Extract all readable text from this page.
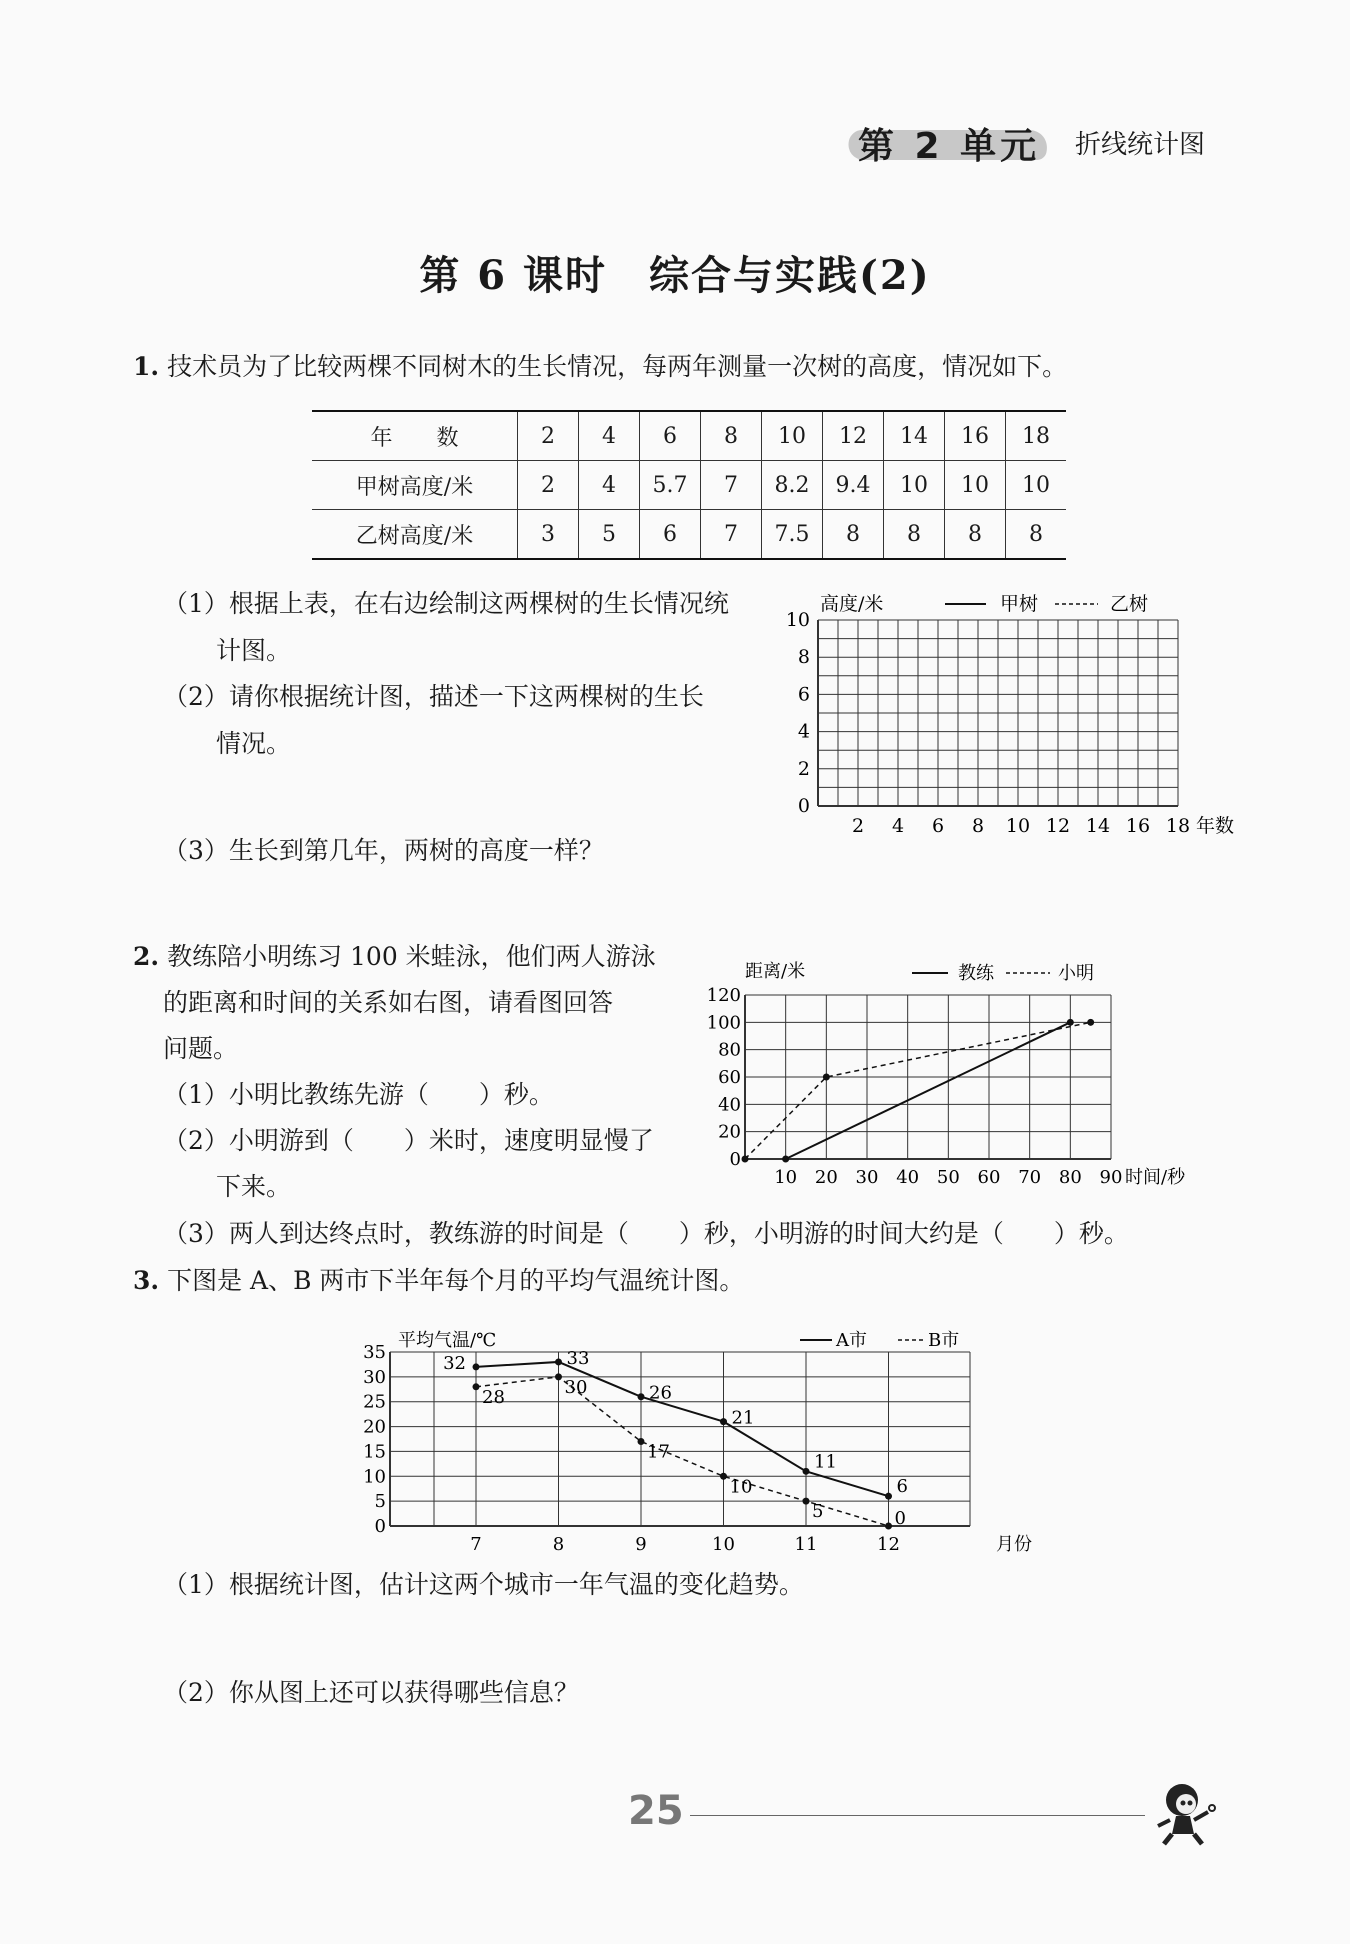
第 2 单元 折线统计图
第 6 课时　综合与实践(2)
1. 技术员为了比较两棵不同树木的生长情况，每两年测量一次树的高度，情况如下。
年　　数	2	4	6	8	10	12	14	16	18
甲树高度/米	2	4	5.7	7	8.2	9.4	10	10	10
乙树高度/米	3	5	6	7	7.5	8	8	8	8
（1）根据上表，在右边绘制这两棵树的生长情况统
计图。
（2）请你根据统计图，描述一下这两棵树的生长
情况。
（3）生长到第几年，两树的高度一样？
0
2
4
6
8
10
2 4 6 8 10 12 14 16 18 年数
高度/米	甲树	乙树
2. 教练陪小明练习 100 米蛙泳，他们两人游泳
的距离和时间的关系如右图，请看图回答
问题。
（1）小明比教练先游（　　）秒。
（2）小明游到（　　）米时，速度明显慢了
下来。
（3）两人到达终点时，教练游的时间是（　　）秒，小明游的时间大约是（　　）秒。
0
20
40
60
80
100
120
10 20 30 40 50 60 70 80 90 时间/秒
距离/米	教练	小明
3. 下图是 A、B 两市下半年每个月的平均气温统计图。
0
5
10
15
20
25
30
35
7	8	9	10	11	12	月份
平均气温/℃	A市	B市
32	33
26
21
11
6
28	30
17
10
5	0
（1）根据统计图，估计这两个城市一年气温的变化趋势。
（2）你从图上还可以获得哪些信息？
25
